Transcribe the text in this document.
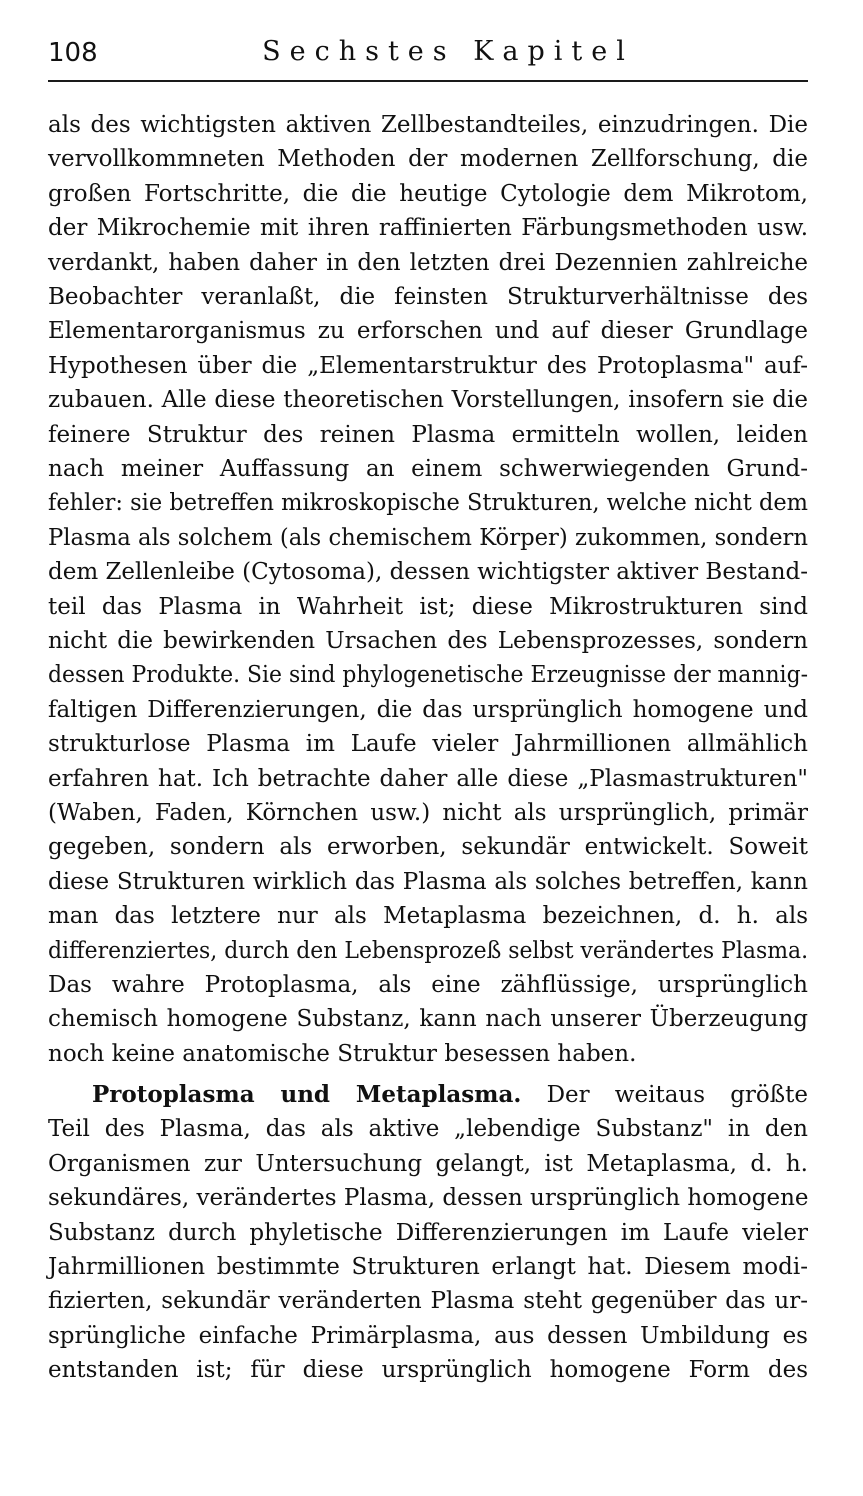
108	Sechstes Kapitel
als des wichtigsten aktiven Zellbestandteiles, einzudringen. Die
vervollkommneten Methoden der modernen Zellforschung, die
großen Fortschritte, die die heutige Cytologie dem Mikrotom,
der Mikrochemie mit ihren raffinierten Färbungsmethoden usw.
verdankt, haben daher in den letzten drei Dezennien zahlreiche
Beobachter veranlaßt, die feinsten Strukturverhältnisse des
Elementarorganismus zu erforschen und auf dieser Grundlage
Hypothesen über die „Elementarstruktur des Protoplasma" auf-
zubauen. Alle diese theoretischen Vorstellungen, insofern sie die
feinere Struktur des reinen Plasma ermitteln wollen, leiden
nach meiner Auffassung an einem schwerwiegenden Grund-
fehler: sie betreffen mikroskopische Strukturen, welche nicht dem
Plasma als solchem (als chemischem Körper) zukommen, sondern
dem Zellenleibe (Cytosoma), dessen wichtigster aktiver Bestand-
teil das Plasma in Wahrheit ist; diese Mikrostrukturen sind
nicht die bewirkenden Ursachen des Lebensprozesses, sondern
dessen Produkte. Sie sind phylogenetische Erzeugnisse der mannig-
faltigen Differenzierungen, die das ursprünglich homogene und
strukturlose Plasma im Laufe vieler Jahrmillionen allmählich
erfahren hat. Ich betrachte daher alle diese „Plasmastrukturen"
(Waben, Faden, Körnchen usw.) nicht als ursprünglich, primär
gegeben, sondern als erworben, sekundär entwickelt. Soweit
diese Strukturen wirklich das Plasma als solches betreffen, kann
man das letztere nur als Metaplasma bezeichnen, d. h. als
differenziertes, durch den Lebensprozeß selbst verändertes Plasma.
Das wahre Protoplasma, als eine zähflüssige, ursprünglich
chemisch homogene Substanz, kann nach unserer Überzeugung
noch keine anatomische Struktur besessen haben.
Protoplasma und Metaplasma. Der weitaus größte
Teil des Plasma, das als aktive „lebendige Substanz" in den
Organismen zur Untersuchung gelangt, ist Metaplasma, d. h.
sekundäres, verändertes Plasma, dessen ursprünglich homogene
Substanz durch phyletische Differenzierungen im Laufe vieler
Jahrmillionen bestimmte Strukturen erlangt hat. Diesem modi-
fizierten, sekundär veränderten Plasma steht gegenüber das ur-
sprüngliche einfache Primärplasma, aus dessen Umbildung es
entstanden ist; für diese ursprünglich homogene Form des
